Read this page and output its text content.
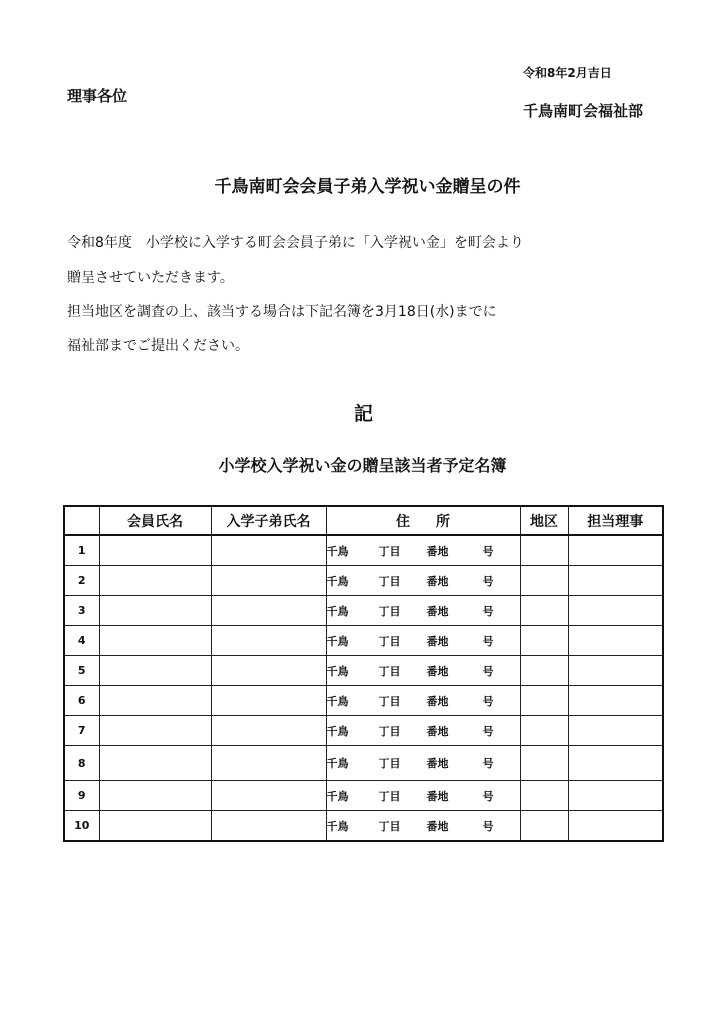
令和8年2月吉日
理事各位
千鳥南町会福祉部
千鳥南町会会員子弟入学祝い金贈呈の件
令和8年度　小学校に入学する町会会員子弟に「入学祝い金」を町会より
贈呈させていただきます。
担当地区を調査の上、該当する場合は下記名簿を3月18日(水)までに
福祉部までご提出ください。
記
小学校入学祝い金の贈呈該当者予定名簿
	会員氏名	入学子弟氏名	住 所	地区	担当理事
1			千鳥 丁目 番地 号		
2			千鳥 丁目 番地 号		
3			千鳥 丁目 番地 号		
4			千鳥 丁目 番地 号		
5			千鳥 丁目 番地 号		
6			千鳥 丁目 番地 号		
7			千鳥 丁目 番地 号		
8			千鳥 丁目 番地 号		
9			千鳥 丁目 番地 号		
10			千鳥 丁目 番地 号		
